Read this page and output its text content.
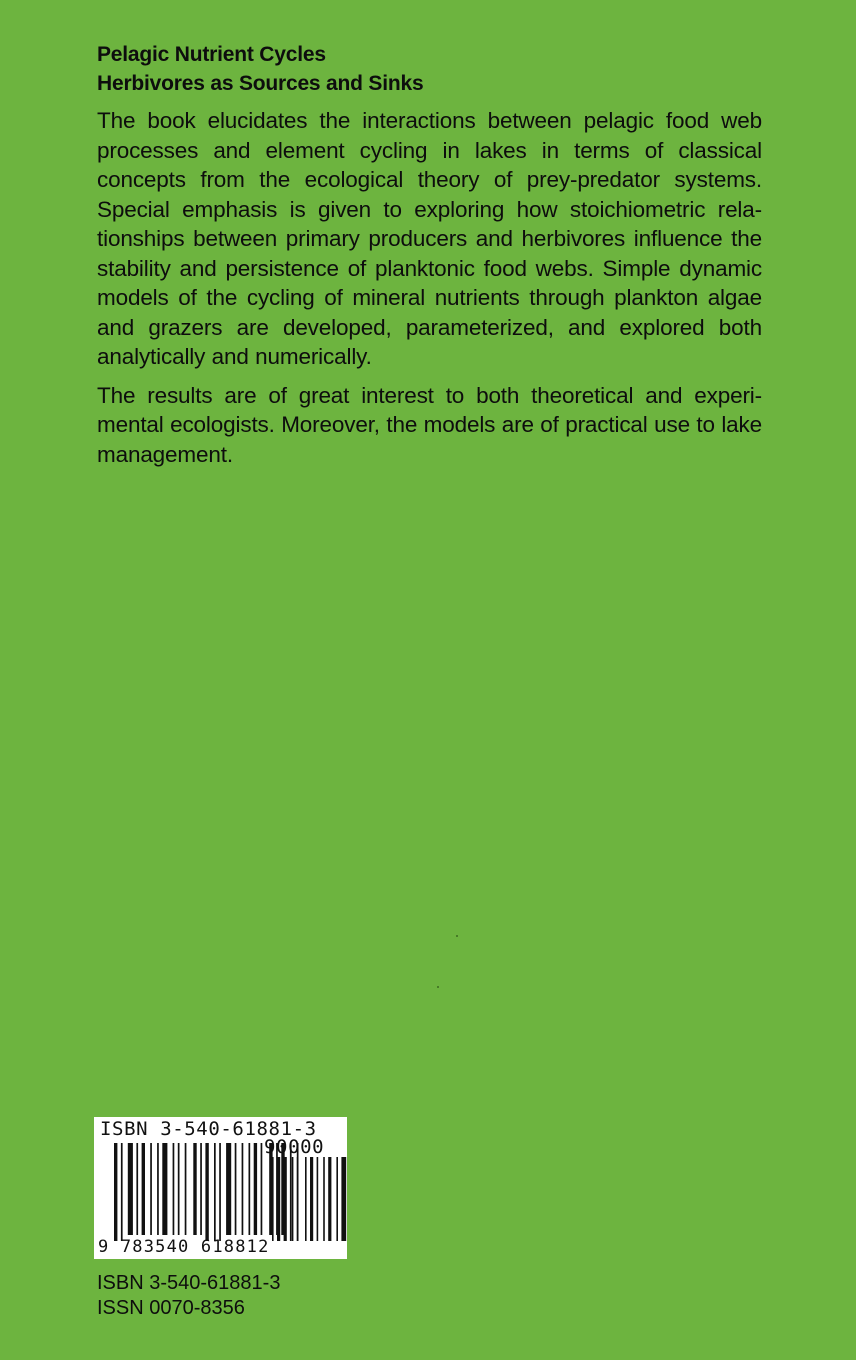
Pelagic Nutrient Cycles
Herbivores as Sources and Sinks

The book elucidates the interactions between pelagic food web processes and element cycling in lakes in terms of classical concepts from the ecological theory of prey-predator systems. Special emphasis is given to exploring how stoichiometric rela-tionships between primary producers and herbivores influence the stability and persistence of planktonic food webs. Simple dynamic models of the cycling of mineral nutrients through plankton algae and grazers are developed, parameterized, and explored both analytically and numerically.

The results are of great interest to both theoretical and experi-mental ecologists. Moreover, the models are of practical use to lake management.

ISBN 3-540-61881-3
90000
9 783540 618812
ISBN 3-540-61881-3
ISSN 0070-8356
